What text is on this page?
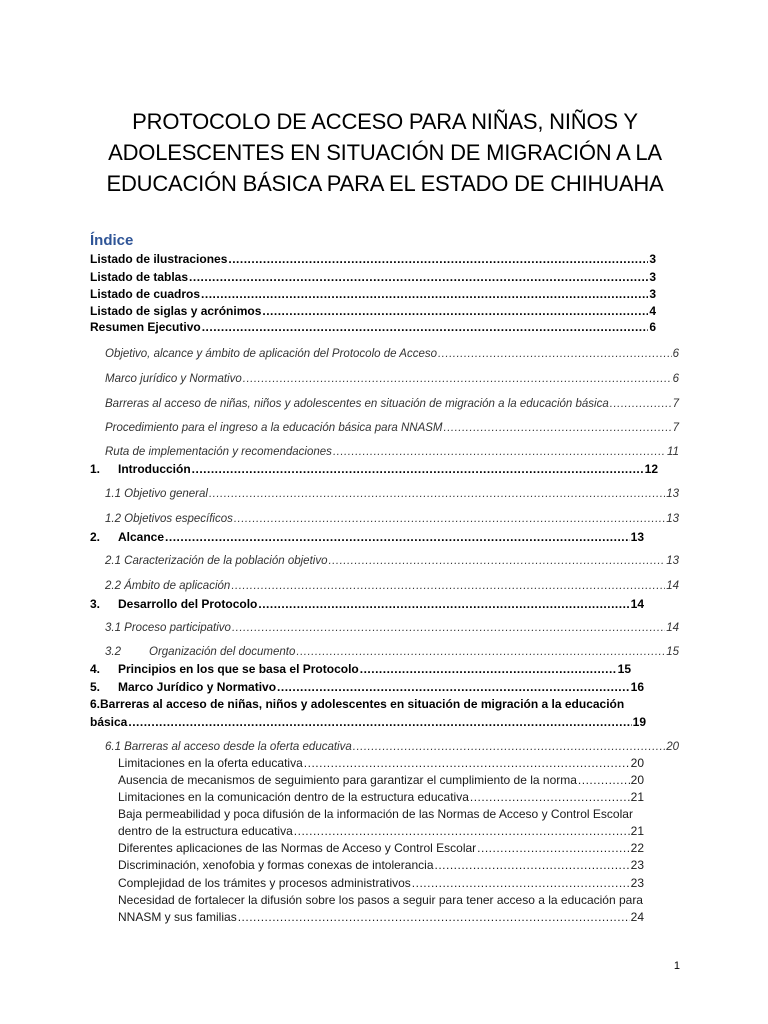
PROTOCOLO DE ACCESO PARA NIÑAS, NIÑOS Y
ADOLESCENTES EN SITUACIÓN DE MIGRACIÓN A LA
EDUCACIÓN BÁSICA PARA EL ESTADO DE CHIHUAHA
Índice
Listado de ilustraciones .....	3
Listado de tablas .....	3
Listado de cuadros .....	3
Listado de siglas y acrónimos .....	4
Resumen Ejecutivo .....	6
Objetivo, alcance y ámbito de aplicación del Protocolo de Acceso .....	6
Marco jurídico y Normativo .....	6
Barreras al acceso de niñas, niños y adolescentes en situación de migración a la educación básica .....	7
Procedimiento para el ingreso a la educación básica para NNASM .....	7
Ruta de implementación y recomendaciones .....	11
1.	Introducción .....	12
1.1 Objetivo general .....	13
1.2 Objetivos específicos .....	13
2.	Alcance .....	13
2.1 Caracterización de la población objetivo .....	13
2.2 Ámbito de aplicación .....	14
3.	Desarrollo del Protocolo .....	14
3.1 Proceso participativo .....	14
3.2	Organización del documento .....	15
4.	Principios en los que se basa el Protocolo .....	15
5.	Marco Jurídico y Normativo .....	16
6.Barreras al acceso de niñas, niños y adolescentes en situación de migración a la educación
básica .....	19
6.1 Barreras al acceso desde la oferta educativa .....	20
Limitaciones en la oferta educativa .....	20
Ausencia de mecanismos de seguimiento para garantizar el cumplimiento de la norma .....	20
Limitaciones en la comunicación dentro de la estructura educativa .....	21
Baja permeabilidad y poca difusión de la información de las Normas de Acceso y Control Escolar
dentro de la estructura educativa .....	21
Diferentes aplicaciones de las Normas de Acceso y Control Escolar .....	22
Discriminación, xenofobia y formas conexas de intolerancia .....	23
Complejidad de los trámites y procesos administrativos .....	23
Necesidad de fortalecer la difusión sobre los pasos a seguir para tener acceso a la educación para
NNASM y sus familias .....	24
1
